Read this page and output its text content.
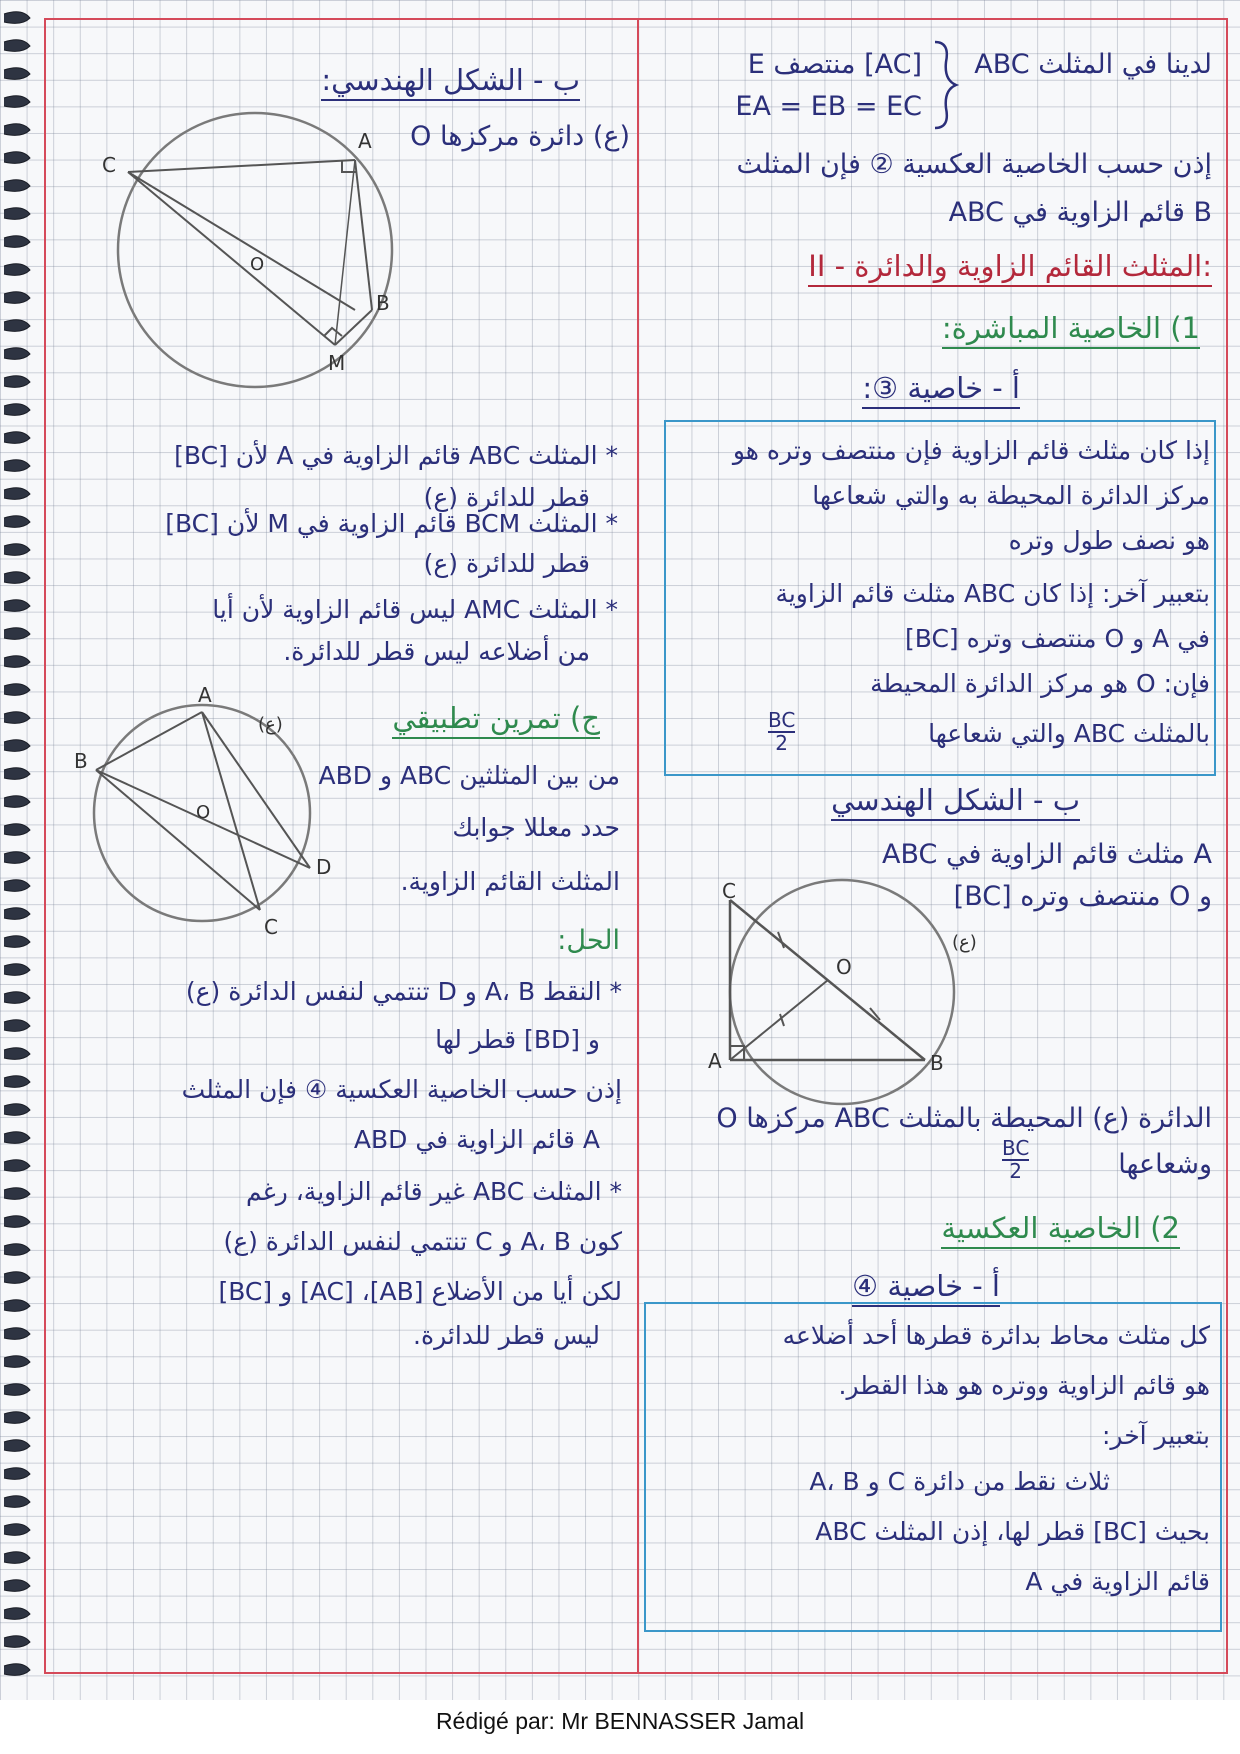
لدينا في المثلث ABC
E منتصف [AC]
EA = EB = EC
إذن حسب الخاصية العكسية ② فإن المثلث
ABC قائم الزاوية في B
II - المثلث القائم الزاوية والدائرة:
1) الخاصية المباشرة:
أ - خاصية ③:
إذا كان مثلث قائم الزاوية فإن منتصف وتره هو
مركز الدائرة المحيطة به والتي شعاعها
هو نصف طول وتره
بتعبير آخر: إذا كان ABC مثلث قائم الزاوية
في A و O منتصف وتره [BC]
فإن: O هو مركز الدائرة المحيطة
بالمثلث ABC والتي شعاعها
$\frac{BC}{2}$
ب - الشكل الهندسي
ABC مثلث قائم الزاوية في A
و O منتصف وتره [BC]
C
A	B
O
(ع)
الدائرة (ع) المحيطة بالمثلث ABC مركزها O
وشعاعها
$\frac{BC}{2}$
2) الخاصية العكسية
أ - خاصية ④
كل مثلث محاط بدائرة قطرها أحد أضلاعه
هو قائم الزاوية ووتره هو هذا القطر.
بتعبير آخر:
A، B و C ثلاث نقط من دائرة
بحيث [BC] قطر لها، إذن المثلث ABC
قائم الزاوية في A
ب - الشكل الهندسي:
(ع) دائرة مركزها O
C
A
B
M
O
* المثلث ABC قائم الزاوية في A لأن [BC]
قطر للدائرة (ع)
* المثلث BCM قائم الزاوية في M لأن [BC]
قطر للدائرة (ع)
* المثلث AMC ليس قائم الزاوية لأن أيا
من أضلاعه ليس قطر للدائرة.
ج) تمرين تطبيقي
B
A
D
C
O
(ع)
من بين المثلثين ABC و ABD
حدد معللا جوابك
المثلث القائم الزاوية.
الحل:
* النقط A، B و D تنتمي لنفس الدائرة (ع)
و [BD] قطر لها
إذن حسب الخاصية العكسية ④ فإن المثلث
ABD قائم الزاوية في A
* المثلث ABC غير قائم الزاوية، رغم
كون A، B و C تنتمي لنفس الدائرة (ع)
لكن أيا من الأضلاع [AB]، [AC] و [BC]
ليس قطر للدائرة.
Rédigé par: Mr BENNASSER Jamal
